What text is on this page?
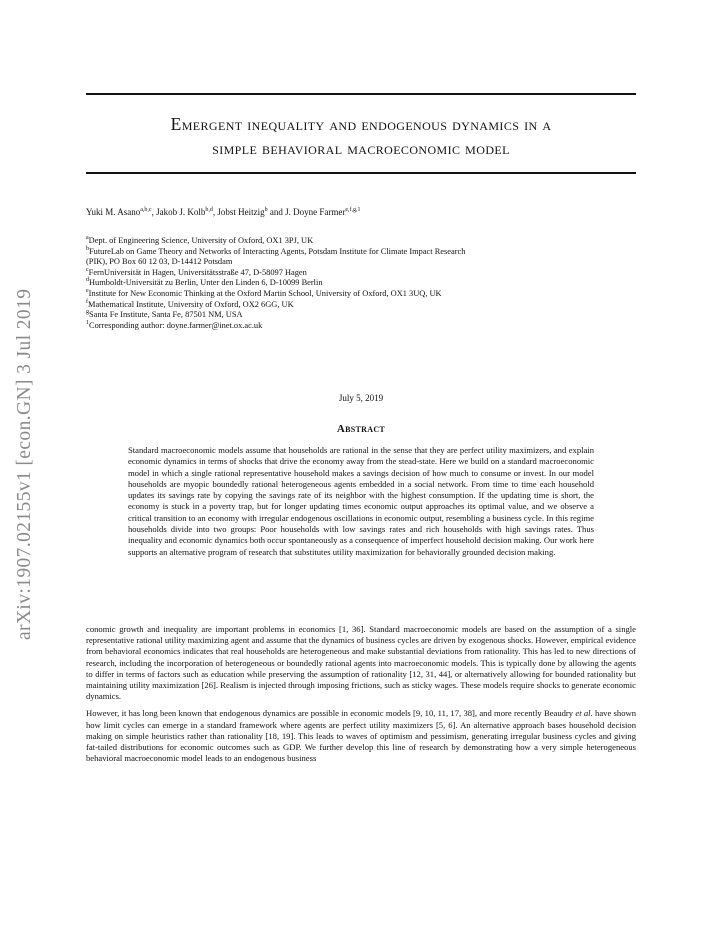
arXiv:1907.02155v1 [econ.GN] 3 Jul 2019
Emergent inequality and endogenous dynamics in a
simple behavioral macroeconomic model
Yuki M. Asano$^{a,b,c}$, Jakob J. Kolb$^{b,d}$, Jobst Heitzig$^b$ and J. Doyne Farmer$^{e,f,g,1}$
$^a$Dept. of Engineering Science, University of Oxford, OX1 3PJ, UK
$^b$FutureLab on Game Theory and Networks of Interacting Agents, Potsdam Institute for Climate Impact Research
(PIK), PO Box 60 12 03, D-14412 Potsdam
$^c$FernUniversität in Hagen, Universitätsstraße 47, D-58097 Hagen
$^d$Humboldt-Universität zu Berlin, Unter den Linden 6, D-10099 Berlin
$^e$Institute for New Economic Thinking at the Oxford Martin School, University of Oxford, OX1 3UQ, UK
$^f$Mathematical Institute, University of Oxford, OX2 6GG, UK
$^g$Santa Fe Institute, Santa Fe, 87501 NM, USA
$^1$Corresponding author: doyne.farmer@inet.ox.ac.uk
July 5, 2019
Abstract
Standard macroeconomic models assume that households are rational in the sense that they are perfect utility maximizers, and explain economic dynamics in terms of shocks that drive the economy away from the stead-state. Here we build on a standard macroeconomic model in which a single rational representative household makes a savings decision of how much to consume or invest. In our model households are myopic boundedly rational heterogeneous agents embedded in a social network. From time to time each household updates its savings rate by copying the savings rate of its neighbor with the highest consumption. If the updating time is short, the economy is stuck in a poverty trap, but for longer updating times economic output approaches its optimal value, and we observe a critical transition to an economy with irregular endogenous oscillations in economic output, resembling a business cycle. In this regime households divide into two groups: Poor households with low savings rates and rich households with high savings rates. Thus inequality and economic dynamics both occur spontaneously as a consequence of imperfect household decision making. Our work here supports an alternative program of research that substitutes utility maximization for behaviorally grounded decision making.

conomic growth and inequality are important problems in economics [1, 36]. Standard macroeconomic models are based on the assumption of a single representative rational utility maximizing agent and assume that the dynamics of business cycles are driven by exogenous shocks. However, empirical evidence from behavioral economics indicates that real households are heterogeneous and make substantial deviations from rationality. This has led to new directions of research, including the incorporation of heterogeneous or boundedly rational agents into macroeconomic models. This is typically done by allowing the agents to differ in terms of factors such as education while preserving the assumption of rationality [12, 31, 44], or alternatively allowing for bounded rationality but maintaining utility maximization [26]. Realism is injected through imposing frictions, such as sticky wages. These models require shocks to generate economic dynamics.

However, it has long been known that endogenous dynamics are possible in economic models [9, 10, 11, 17, 38], and more recently Beaudry et al. have shown how limit cycles can emerge in a standard framework where agents are perfect utility maximizers [5, 6]. An alternative approach bases household decision making on simple heuristics rather than rationality [18, 19]. This leads to waves of optimism and pessimism, generating irregular business cycles and giving fat-tailed distributions for economic outcomes such as GDP. We further develop this line of research by demonstrating how a very simple heterogeneous behavioral macroeconomic model leads to an endogenous business
